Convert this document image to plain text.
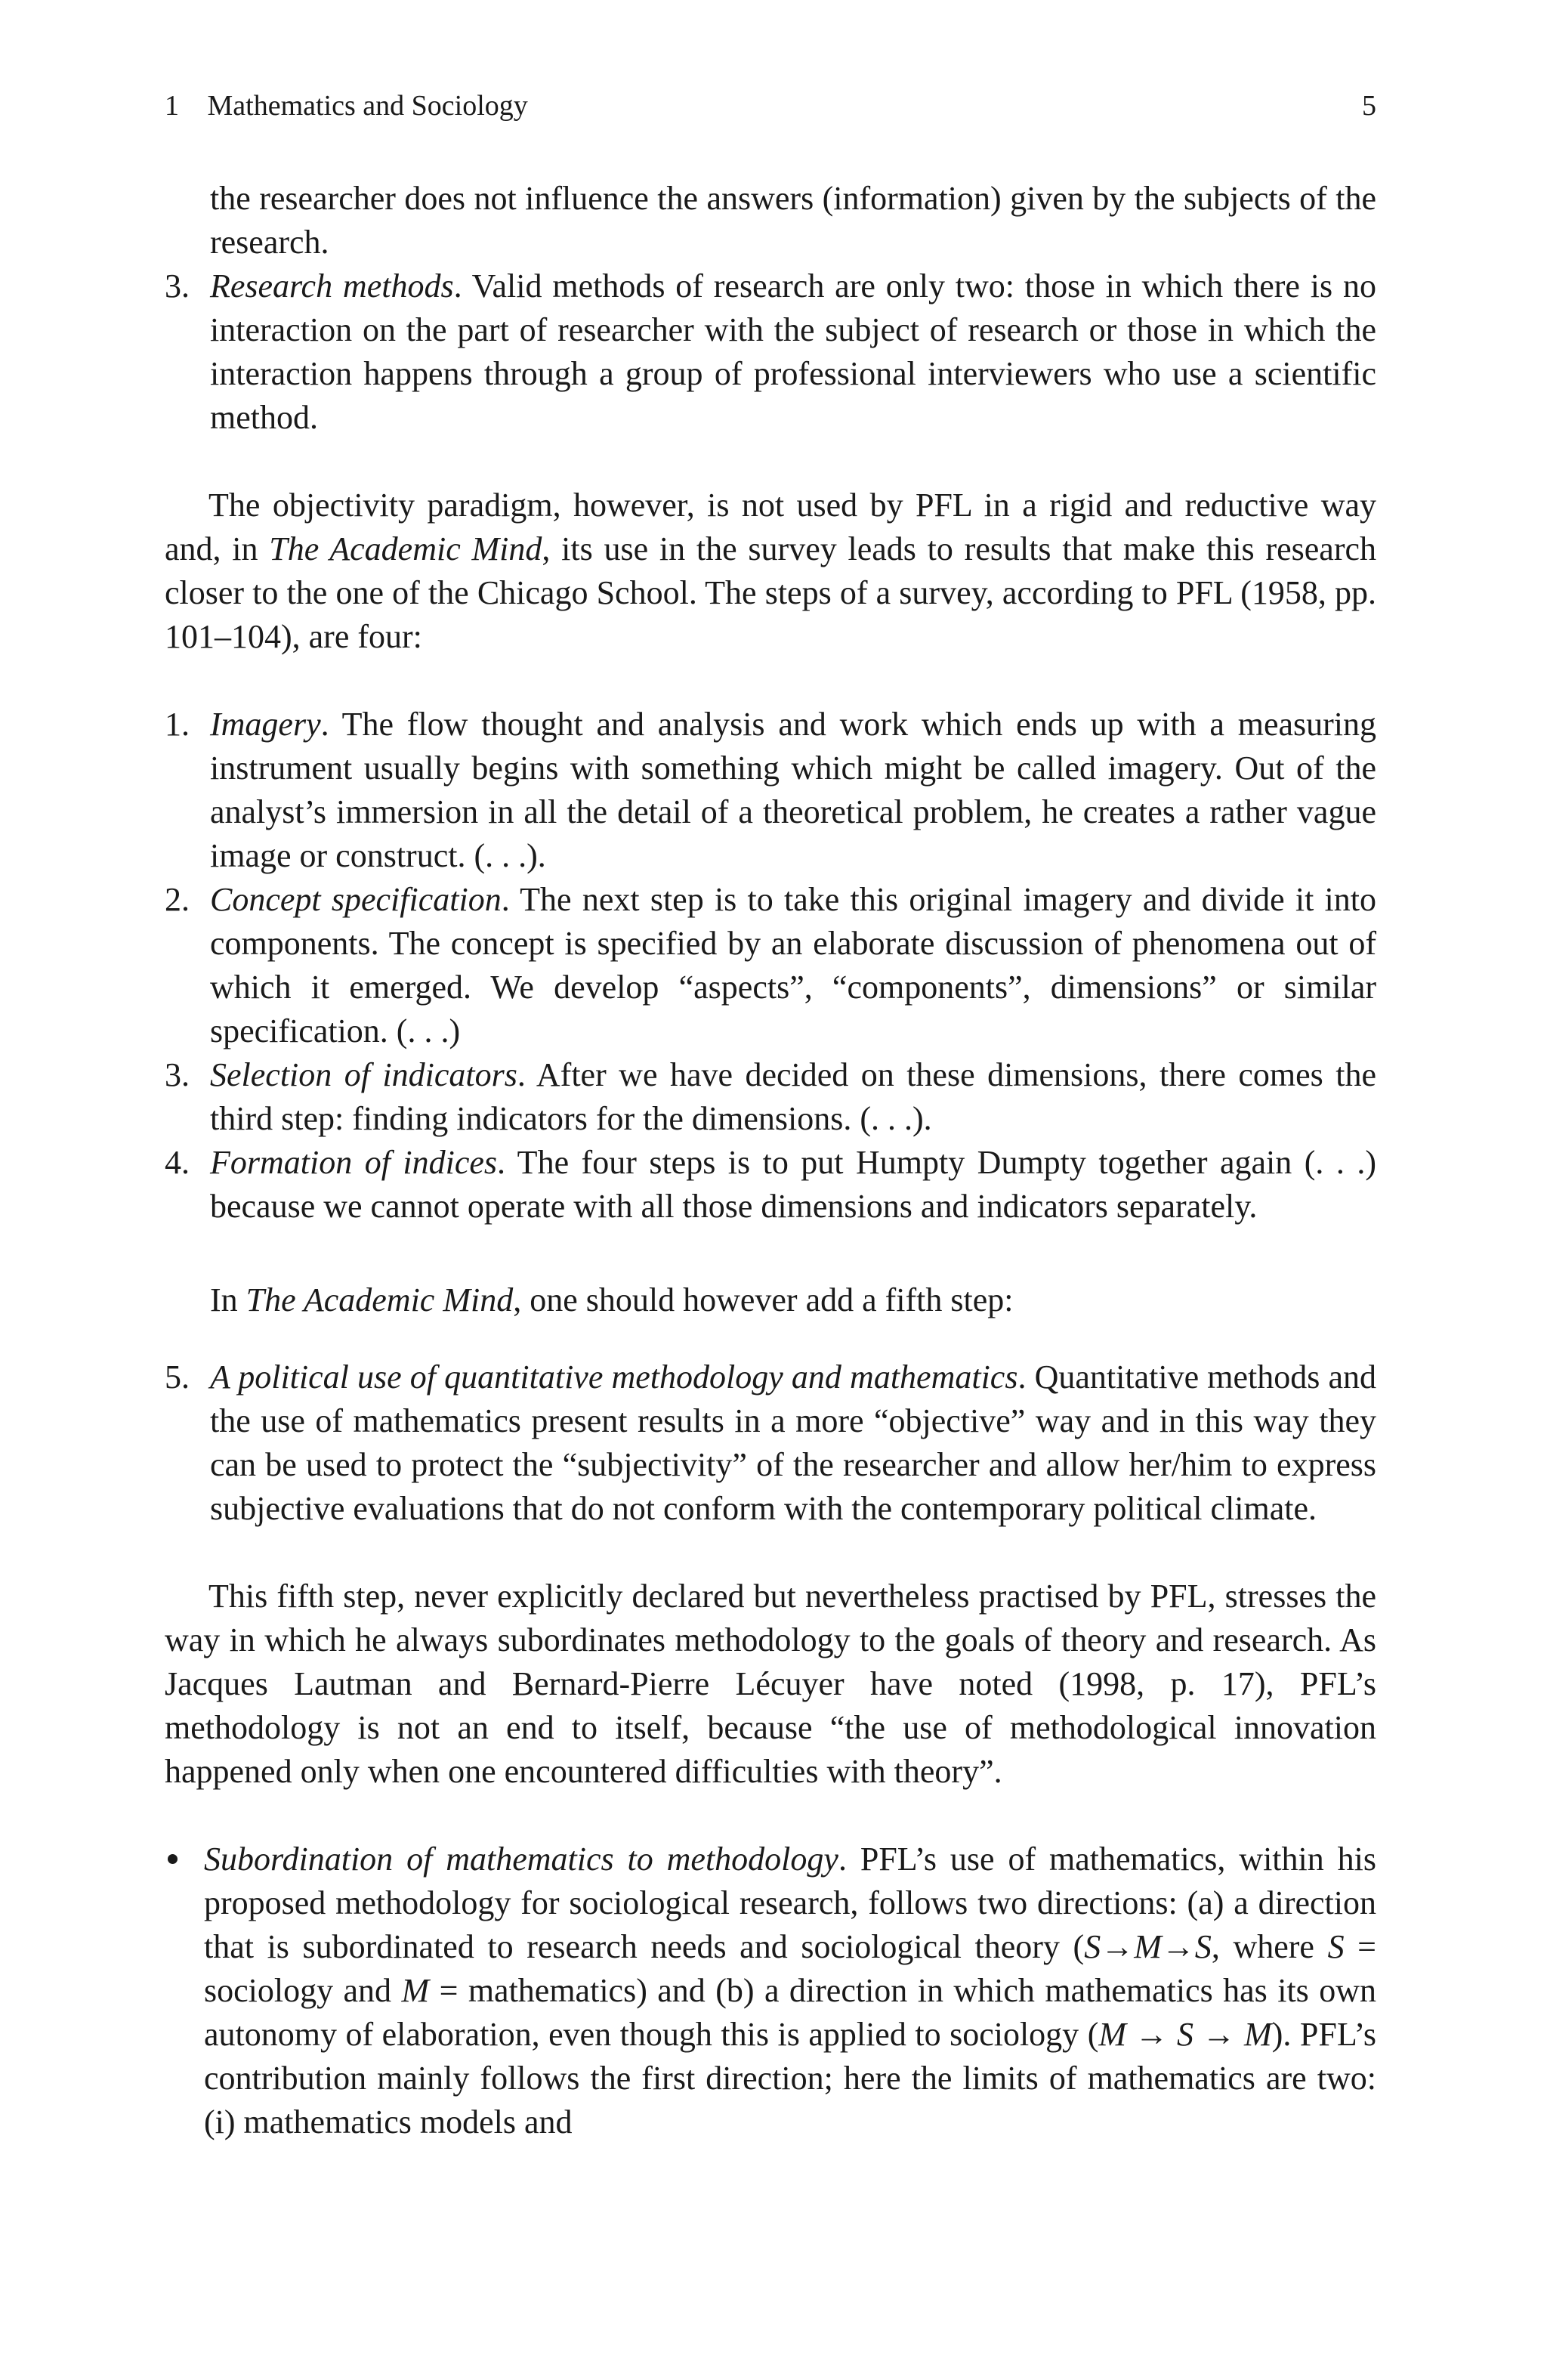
1 Mathematics and Sociology	5

the researcher does not influence the answers (information) given by the subjects of the research.

3. Research methods. Valid methods of research are only two: those in which there is no interaction on the part of researcher with the subject of research or those in which the interaction happens through a group of professional interviewers who use a scientific method.

The objectivity paradigm, however, is not used by PFL in a rigid and reductive way and, in The Academic Mind, its use in the survey leads to results that make this research closer to the one of the Chicago School. The steps of a survey, according to PFL (1958, pp. 101–104), are four:

1. Imagery. The flow thought and analysis and work which ends up with a measuring instrument usually begins with something which might be called imagery. Out of the analyst’s immersion in all the detail of a theoretical problem, he creates a rather vague image or construct. (. . .).
2. Concept specification. The next step is to take this original imagery and divide it into components. The concept is specified by an elaborate discussion of phenomena out of which it emerged. We develop “aspects”, “components”, dimensions” or similar specification. (. . .)
3. Selection of indicators. After we have decided on these dimensions, there comes the third step: finding indicators for the dimensions. (. . .).
4. Formation of indices. The four steps is to put Humpty Dumpty together again (. . .) because we cannot operate with all those dimensions and indicators separately.

In The Academic Mind, one should however add a fifth step:

5. A political use of quantitative methodology and mathematics. Quantitative methods and the use of mathematics present results in a more “objective” way and in this way they can be used to protect the “subjectivity” of the researcher and allow her/him to express subjective evaluations that do not conform with the contemporary political climate.

This fifth step, never explicitly declared but nevertheless practised by PFL, stresses the way in which he always subordinates methodology to the goals of theory and research. As Jacques Lautman and Bernard-Pierre Lécuyer have noted (1998, p. 17), PFL’s methodology is not an end to itself, because “the use of methodological innovation happened only when one encountered difficulties with theory”.

Subordination of mathematics to methodology. PFL’s use of mathematics, within his proposed methodology for sociological research, follows two directions: (a) a direction that is subordinated to research needs and sociological theory (S→M→S, where S = sociology and M = mathematics) and (b) a direction in which mathematics has its own autonomy of elaboration, even though this is applied to sociology (M → S → M). PFL’s contribution mainly follows the first direction; here the limits of mathematics are two: (i) mathematics models and
